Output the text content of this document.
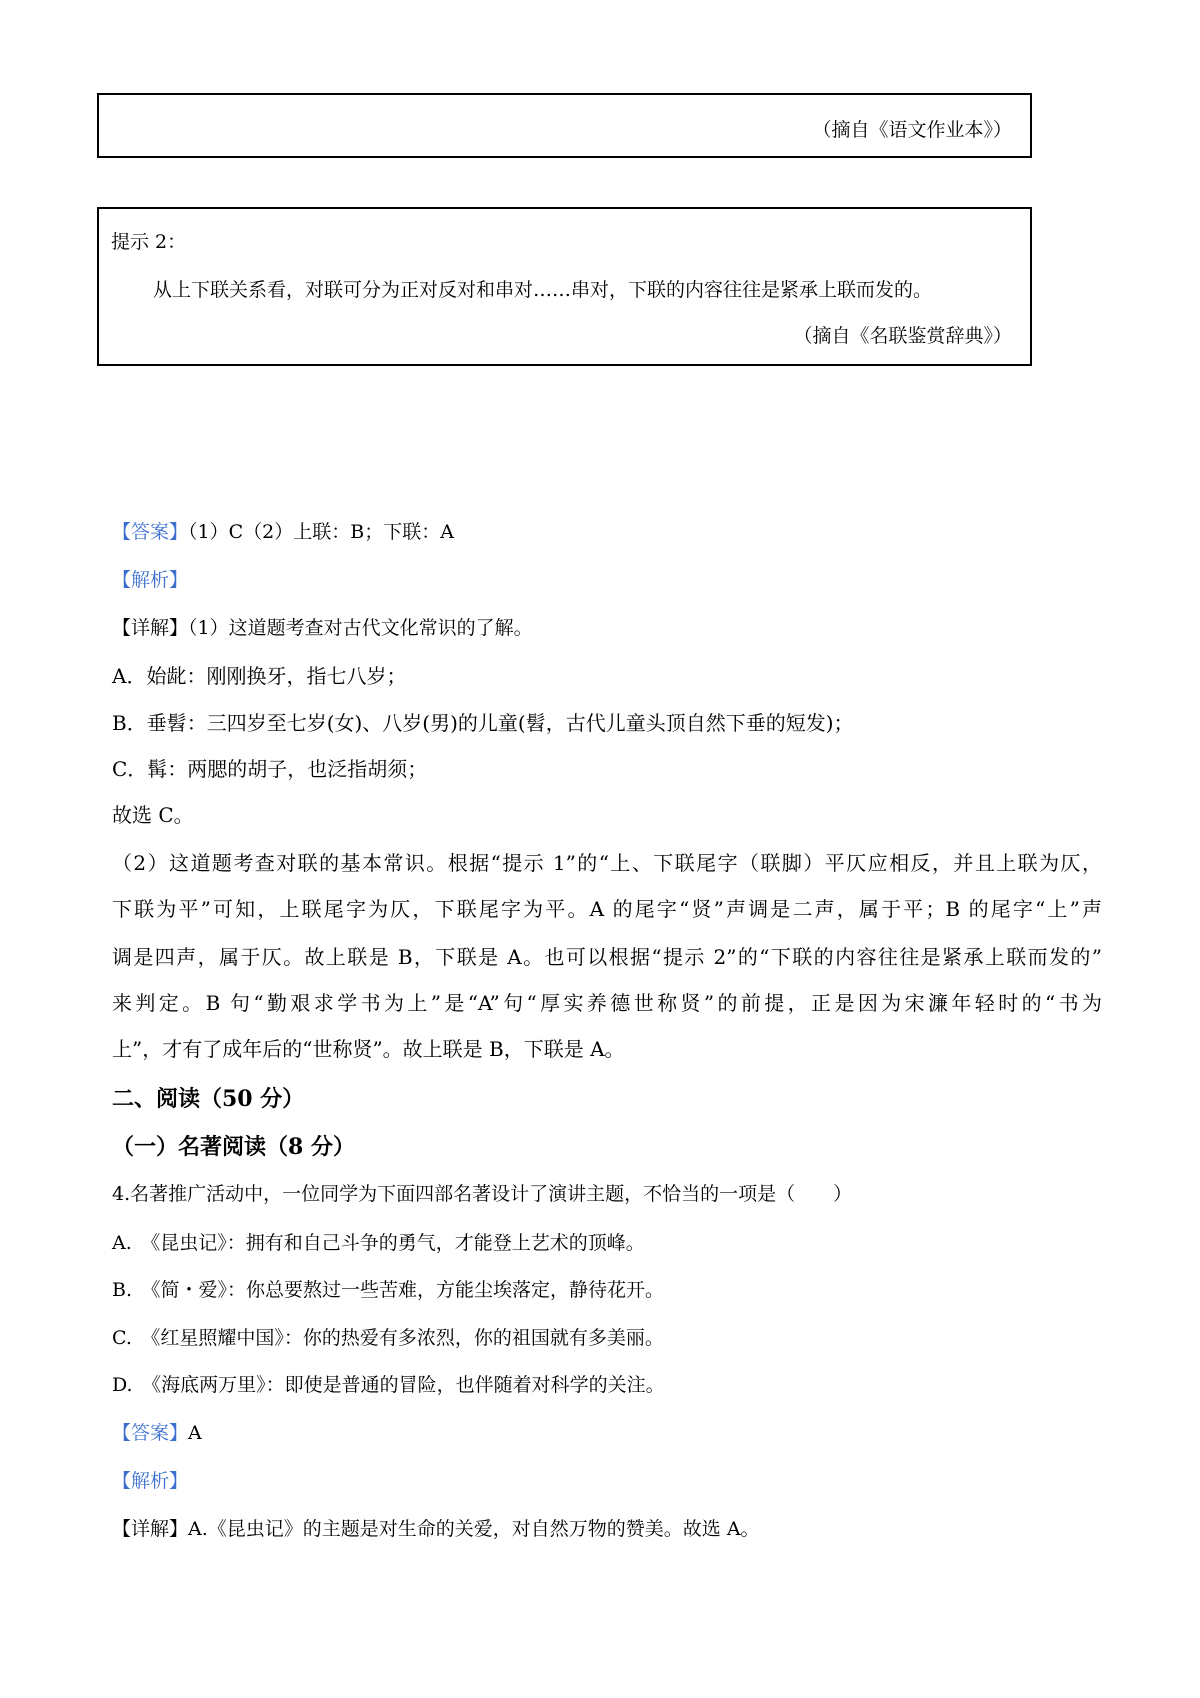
（摘自《语文作业本》）
提示 2：
从上下联关系看，对联可分为正对反对和串对……串对，下联的内容往往是紧承上联而发的。
（摘自《名联鉴赏辞典》）
【答案】（1）C（2）上联：B；下联：A
【解析】
【详解】（1）这道题考查对古代文化常识的了解。
A．始龀：刚刚换牙，指七八岁；
B．垂髫：三四岁至七岁(女)、八岁(男)的儿童(髫，古代儿童头顶自然下垂的短发)；
C．髯：两腮的胡子，也泛指胡须；
故选 C。
（2）这道题考查对联的基本常识。根据“提示 1”的“上、下联尾字（联脚）平仄应相反，并且上联为仄，
下联为平”可知，上联尾字为仄，下联尾字为平。A 的尾字“贤”声调是二声，属于平；B 的尾字“上”声
调是四声，属于仄。故上联是 B，下联是 A。也可以根据“提示 2”的“下联的内容往往是紧承上联而发的”
来判定。B 句“勤艰求学书为上”是“A”句“厚实养德世称贤”的前提，正是因为宋濂年轻时的“书为
上”，才有了成年后的“世称贤”。故上联是 B，下联是 A。
二、阅读（50 分）
（一）名著阅读（8 分）
4.名著推广活动中，一位同学为下面四部名著设计了演讲主题，不恰当的一项是（　　）
A.　《昆虫记》：拥有和自己斗争的勇气，才能登上艺术的顶峰。
B.　《简・爱》：你总要熬过一些苦难，方能尘埃落定，静待花开。
C.　《红星照耀中国》：你的热爱有多浓烈，你的祖国就有多美丽。
D.　《海底两万里》：即使是普通的冒险，也伴随着对科学的关注。
【答案】A
【解析】
【详解】A.《昆虫记》的主题是对生命的关爱，对自然万物的赞美。故选 A。
